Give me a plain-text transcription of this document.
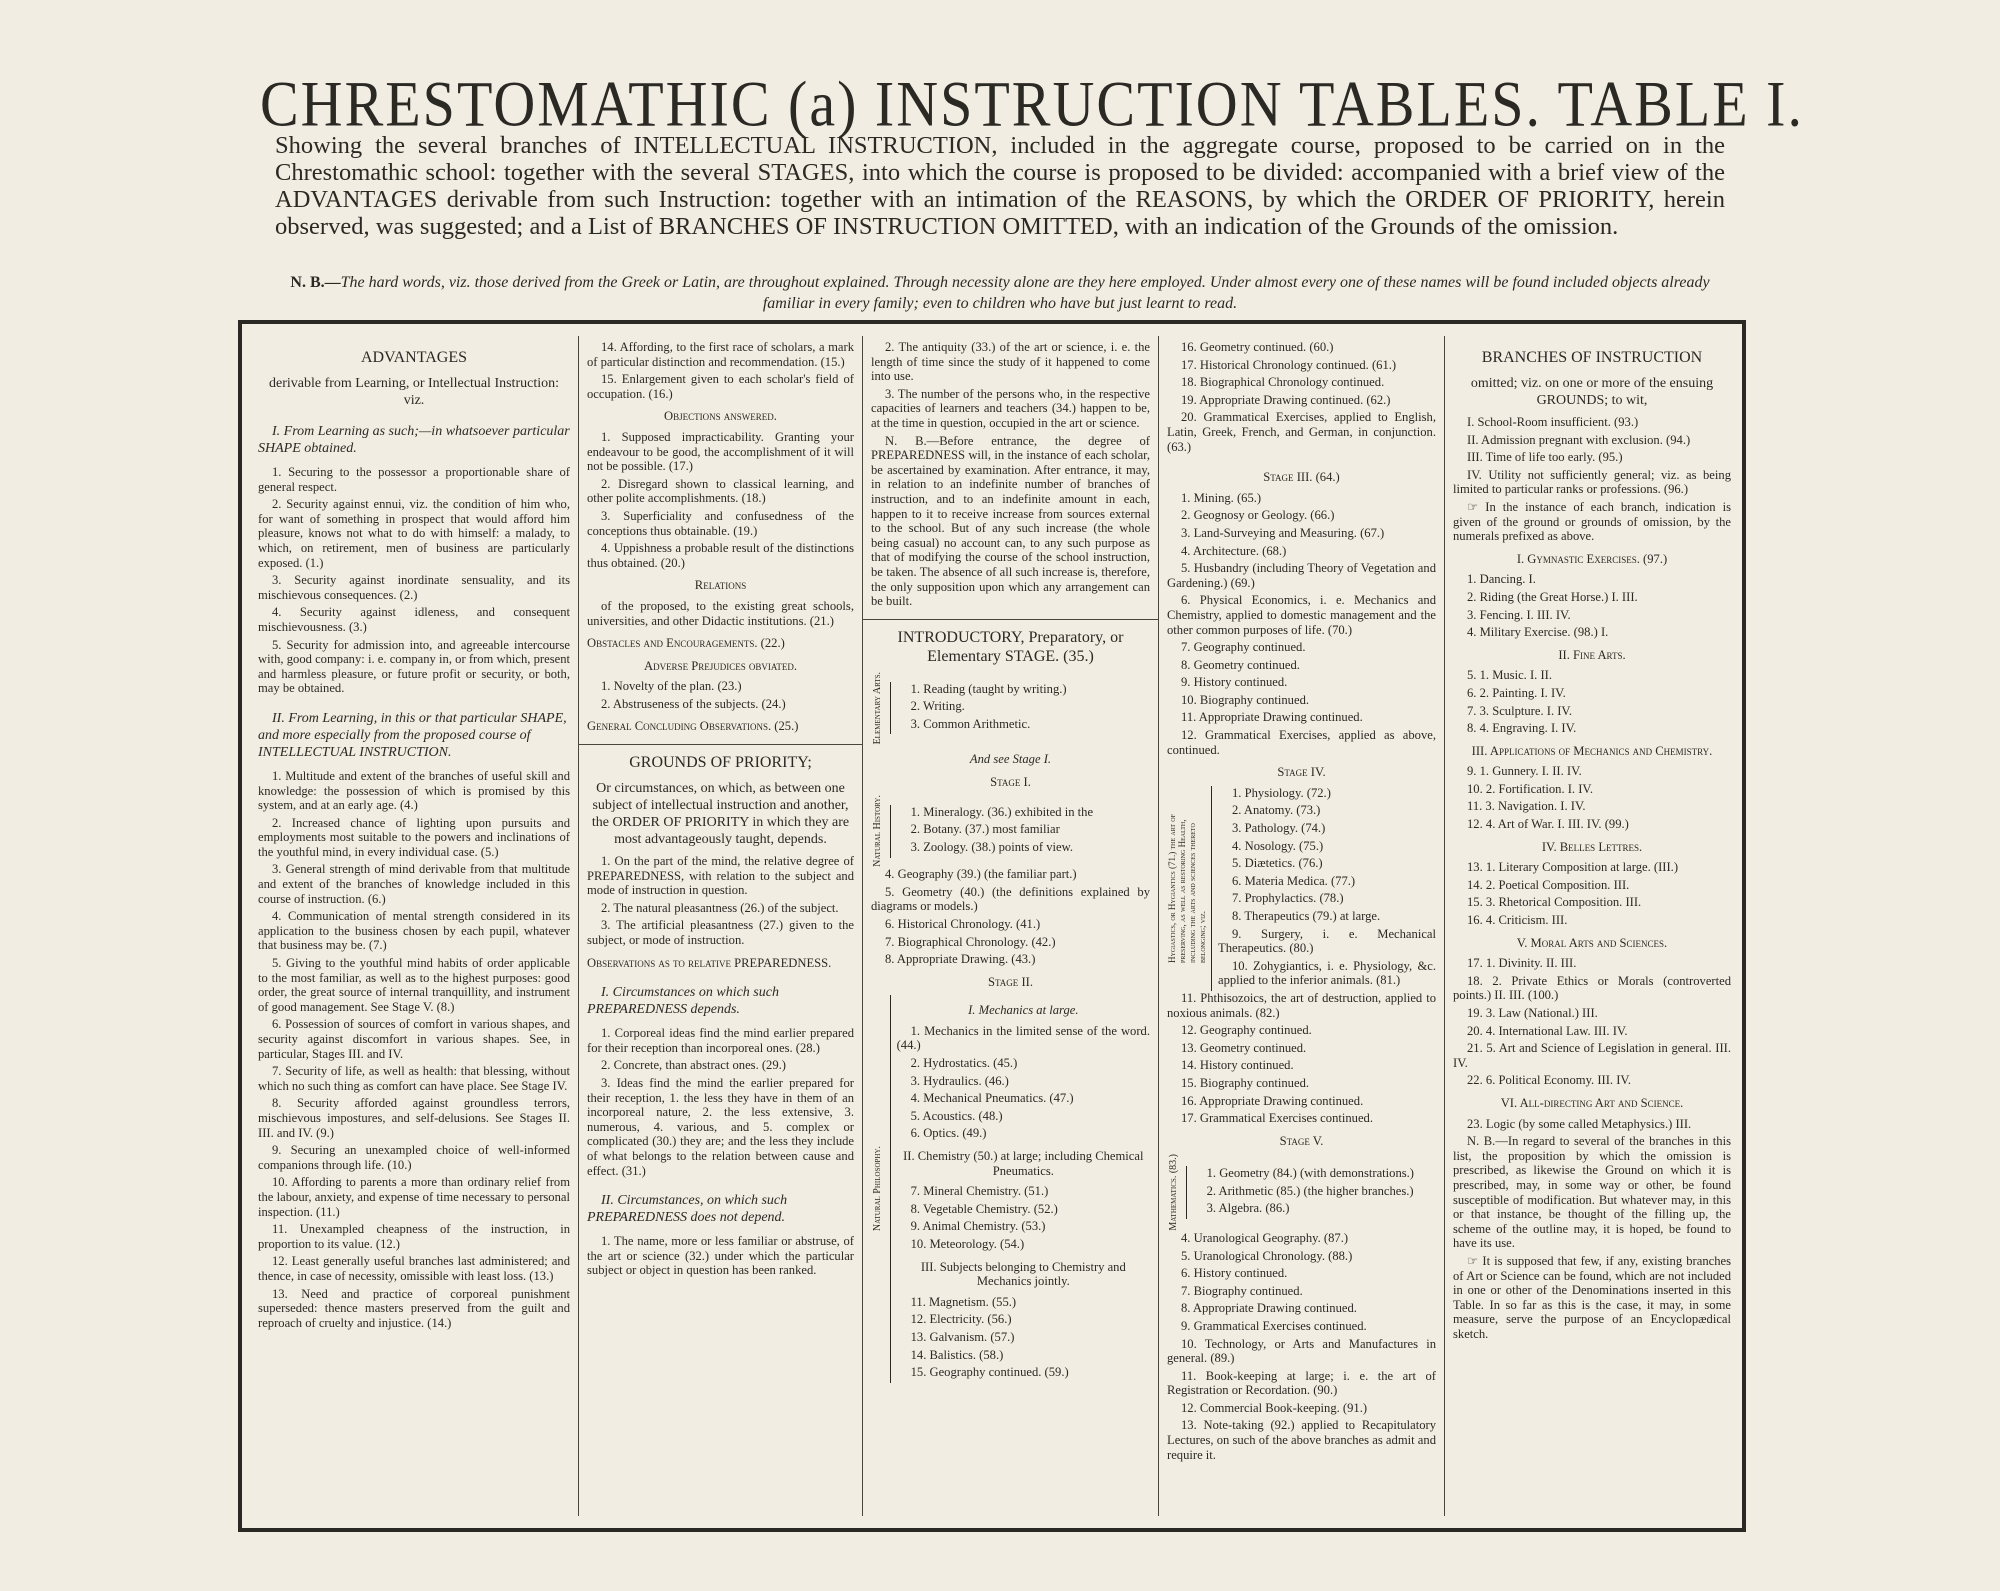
CHRESTOMATHIC (a) INSTRUCTION TABLES. TABLE I.
Showing the several branches of INTELLECTUAL INSTRUCTION, included in the aggregate course, proposed to be carried on in the Chrestomathic school: together with the several STAGES, into which the course is proposed to be divided: accompanied with a brief view of the ADVANTAGES derivable from such Instruction: together with an intimation of the REASONS, by which the ORDER OF PRIORITY, herein observed, was suggested; and a List of BRANCHES OF INSTRUCTION OMITTED, with an indication of the Grounds of the omission.
N. B.—The hard words, viz. those derived from the Greek or Latin, are throughout explained. Through necessity alone are they here employed. Under almost every one of these names will be found included objects already familiar in every family; even to children who have but just learnt to read.
ADVANTAGES
derivable from Learning, or Intellectual Instruction: viz.
I. From Learning as such;—in whatsoever particular SHAPE obtained.

1. Securing to the possessor a proportionable share of general respect.

2. Security against ennui, viz. the condition of him who, for want of something in prospect that would afford him pleasure, knows not what to do with himself: a malady, to which, on retirement, men of business are particularly exposed. (1.)

3. Security against inordinate sensuality, and its mischievous consequences. (2.)

4. Security against idleness, and consequent mischievousness. (3.)

5. Security for admission into, and agreeable intercourse with, good company: i. e. company in, or from which, present and harmless pleasure, or future profit or security, or both, may be obtained.

II. From Learning, in this or that particular SHAPE, and more especially from the proposed course of INTELLECTUAL INSTRUCTION.

1. Multitude and extent of the branches of useful skill and knowledge: the possession of which is promised by this system, and at an early age. (4.)

2. Increased chance of lighting upon pursuits and employments most suitable to the powers and inclinations of the youthful mind, in every individual case. (5.)

3. General strength of mind derivable from that multitude and extent of the branches of knowledge included in this course of instruction. (6.)

4. Communication of mental strength considered in its application to the business chosen by each pupil, whatever that business may be. (7.)

5. Giving to the youthful mind habits of order applicable to the most familiar, as well as to the highest purposes: good order, the great source of internal tranquillity, and instrument of good management. See Stage V. (8.)

6. Possession of sources of comfort in various shapes, and security against discomfort in various shapes. See, in particular, Stages III. and IV.

7. Security of life, as well as health: that blessing, without which no such thing as comfort can have place. See Stage IV.

8. Security afforded against groundless terrors, mischievous impostures, and self-delusions. See Stages II. III. and IV. (9.)

9. Securing an unexampled choice of well-informed companions through life. (10.)

10. Affording to parents a more than ordinary relief from the labour, anxiety, and expense of time necessary to personal inspection. (11.)

11. Unexampled cheapness of the instruction, in proportion to its value. (12.)

12. Least generally useful branches last administered; and thence, in case of necessity, omissible with least loss. (13.)

13. Need and practice of corporeal punishment superseded: thence masters preserved from the guilt and reproach of cruelty and injustice. (14.)

14. Affording, to the first race of scholars, a mark of particular distinction and recommendation. (15.)

15. Enlargement given to each scholar's field of occupation. (16.)

Objections answered.

1. Supposed impracticability. Granting your endeavour to be good, the accomplishment of it will not be possible. (17.)

2. Disregard shown to classical learning, and other polite accomplishments. (18.)

3. Superficiality and confusedness of the conceptions thus obtainable. (19.)

4. Uppishness a probable result of the distinctions thus obtained. (20.)

Relations

of the proposed, to the existing great schools, universities, and other Didactic institutions. (21.)

Obstacles and Encouragements. (22.)
Adverse Prejudices obviated.

1. Novelty of the plan. (23.)

2. Abstruseness of the subjects. (24.)

General Concluding Observations. (25.)
GROUNDS OF PRIORITY;
Or circumstances, on which, as between one subject of intellectual instruction and another, the ORDER OF PRIORITY in which they are most advantageously taught, depends.

1. On the part of the mind, the relative degree of PREPAREDNESS, with relation to the subject and mode of instruction in question.

2. The natural pleasantness (26.) of the subject.

3. The artificial pleasantness (27.) given to the subject, or mode of instruction.

Observations as to relative PREPAREDNESS.
I. Circumstances on which such PREPAREDNESS depends.

1. Corporeal ideas find the mind earlier prepared for their reception than incorporeal ones. (28.)

2. Concrete, than abstract ones. (29.)

3. Ideas find the mind the earlier prepared for their reception, 1. the less they have in them of an incorporeal nature, 2. the less extensive, 3. numerous, 4. various, and 5. complex or complicated (30.) they are; and the less they include of what belongs to the relation between cause and effect. (31.)

II. Circumstances, on which such PREPAREDNESS does not depend.

1. The name, more or less familiar or abstruse, of the art or science (32.) under which the particular subject or object in question has been ranked.

2. The antiquity (33.) of the art or science, i. e. the length of time since the study of it happened to come into use.

3. The number of the persons who, in the respective capacities of learners and teachers (34.) happen to be, at the time in question, occupied in the art or science.

N. B.—Before entrance, the degree of PREPAREDNESS will, in the instance of each scholar, be ascertained by examination. After entrance, it may, in relation to an indefinite number of branches of instruction, and to an indefinite amount in each, happen to it to receive increase from sources external to the school. But of any such increase (the whole being casual) no account can, to any such purpose as that of modifying the course of the school instruction, be taken. The absence of all such increase is, therefore, the only supposition upon which any arrangement can be built.

INTRODUCTORY, Preparatory, or Elementary STAGE. (35.)
Elementary Arts.	1. Reading (taught by writing.)

2. Writing.

3. Common Arithmetic.

And see Stage I.
Stage I.
Natural History.	1. Mineralogy. (36.) exhibited in the

2. Botany. (37.) most familiar

3. Zoology. (38.) points of view.

4. Geography (39.) (the familiar part.)

5. Geometry (40.) (the definitions explained by diagrams or models.)

6. Historical Chronology. (41.)

7. Biographical Chronology. (42.)

8. Appropriate Drawing. (43.)

Stage II.
Natural Philosophy.
I. Mechanics at large.

1. Mechanics in the limited sense of the word. (44.)

2. Hydrostatics. (45.)

3. Hydraulics. (46.)

4. Mechanical Pneumatics. (47.)

5. Acoustics. (48.)

6. Optics. (49.)

II. Chemistry (50.) at large; including Chemical Pneumatics.

7. Mineral Chemistry. (51.)

8. Vegetable Chemistry. (52.)

9. Animal Chemistry. (53.)

10. Meteorology. (54.)

III. Subjects belonging to Chemistry and Mechanics jointly.

11. Magnetism. (55.)

12. Electricity. (56.)

13. Galvanism. (57.)

14. Balistics. (58.)

15. Geography continued. (59.)

16. Geometry continued. (60.)

17. Historical Chronology continued. (61.)

18. Biographical Chronology continued.

19. Appropriate Drawing continued. (62.)

20. Grammatical Exercises, applied to English, Latin, Greek, French, and German, in conjunction. (63.)

Stage III. (64.)

1. Mining. (65.)

2. Geognosy or Geology. (66.)

3. Land-Surveying and Measuring. (67.)

4. Architecture. (68.)

5. Husbandry (including Theory of Vegetation and Gardening.) (69.)

6. Physical Economics, i. e. Mechanics and Chemistry, applied to domestic management and the other common purposes of life. (70.)

7. Geography continued.

8. Geometry continued.

9. History continued.

10. Biography continued.

11. Appropriate Drawing continued.

12. Grammatical Exercises, applied as above, continued.

Stage IV.
Hygiastics, or Hygiantics (71.) the art of preserving, as well as restoring Health, including the arts and sciences thereto belonging; viz.

1. Physiology. (72.)

2. Anatomy. (73.)

3. Pathology. (74.)

4. Nosology. (75.)

5. Diætetics. (76.)

6. Materia Medica. (77.)

7. Prophylactics. (78.)

8. Therapeutics (79.) at large.

9. Surgery, i. e. Mechanical Therapeutics. (80.)

10. Zohygiantics, i. e. Physiology, &c. applied to the inferior animals. (81.)

11. Phthisozoics, the art of destruction, applied to noxious animals. (82.)

12. Geography continued.

13. Geometry continued.

14. History continued.

15. Biography continued.

16. Appropriate Drawing continued.

17. Grammatical Exercises continued.

Stage V.
Mathematics. (83.)	1. Geometry (84.) (with demonstrations.)

2. Arithmetic (85.) (the higher branches.)

3. Algebra. (86.)

4. Uranological Geography. (87.)

5. Uranological Chronology. (88.)

6. History continued.

7. Biography continued.

8. Appropriate Drawing continued.

9. Grammatical Exercises continued.

10. Technology, or Arts and Manufactures in general. (89.)

11. Book-keeping at large; i. e. the art of Registration or Recordation. (90.)

12. Commercial Book-keeping. (91.)

13. Note-taking (92.) applied to Recapitulatory Lectures, on such of the above branches as admit and require it.

BRANCHES OF INSTRUCTION
omitted; viz. on one or more of the ensuing GROUNDS; to wit,

I. School-Room insufficient. (93.)

II. Admission pregnant with exclusion. (94.)

III. Time of life too early. (95.)

IV. Utility not sufficiently general; viz. as being limited to particular ranks or professions. (96.)

☞ In the instance of each branch, indication is given of the ground or grounds of omission, by the numerals prefixed as above.

I. Gymnastic Exercises. (97.)

1. Dancing. I.

2. Riding (the Great Horse.) I. III.

3. Fencing. I. III. IV.

4. Military Exercise. (98.) I.

II. Fine Arts.

5. 1. Music. I. II.

6. 2. Painting. I. IV.

7. 3. Sculpture. I. IV.

8. 4. Engraving. I. IV.

III. Applications of Mechanics and Chemistry.

9. 1. Gunnery. I. II. IV.

10. 2. Fortification. I. IV.

11. 3. Navigation. I. IV.

12. 4. Art of War. I. III. IV. (99.)

IV. Belles Lettres.

13. 1. Literary Composition at large. (III.)

14. 2. Poetical Composition. III.

15. 3. Rhetorical Composition. III.

16. 4. Criticism. III.

V. Moral Arts and Sciences.

17. 1. Divinity. II. III.

18. 2. Private Ethics or Morals (controverted points.) II. III. (100.)

19. 3. Law (National.) III.

20. 4. International Law. III. IV.

21. 5. Art and Science of Legislation in general. III. IV.

22. 6. Political Economy. III. IV.

VI. All-directing Art and Science.

23. Logic (by some called Metaphysics.) III.

N. B.—In regard to several of the branches in this list, the proposition by which the omission is prescribed, as likewise the Ground on which it is prescribed, may, in some way or other, be found susceptible of modification. But whatever may, in this or that instance, be thought of the filling up, the scheme of the outline may, it is hoped, be found to have its use.

☞ It is supposed that few, if any, existing branches of Art or Science can be found, which are not included in one or other of the Denominations inserted in this Table. In so far as this is the case, it may, in some measure, serve the purpose of an Encyclopædical sketch.
